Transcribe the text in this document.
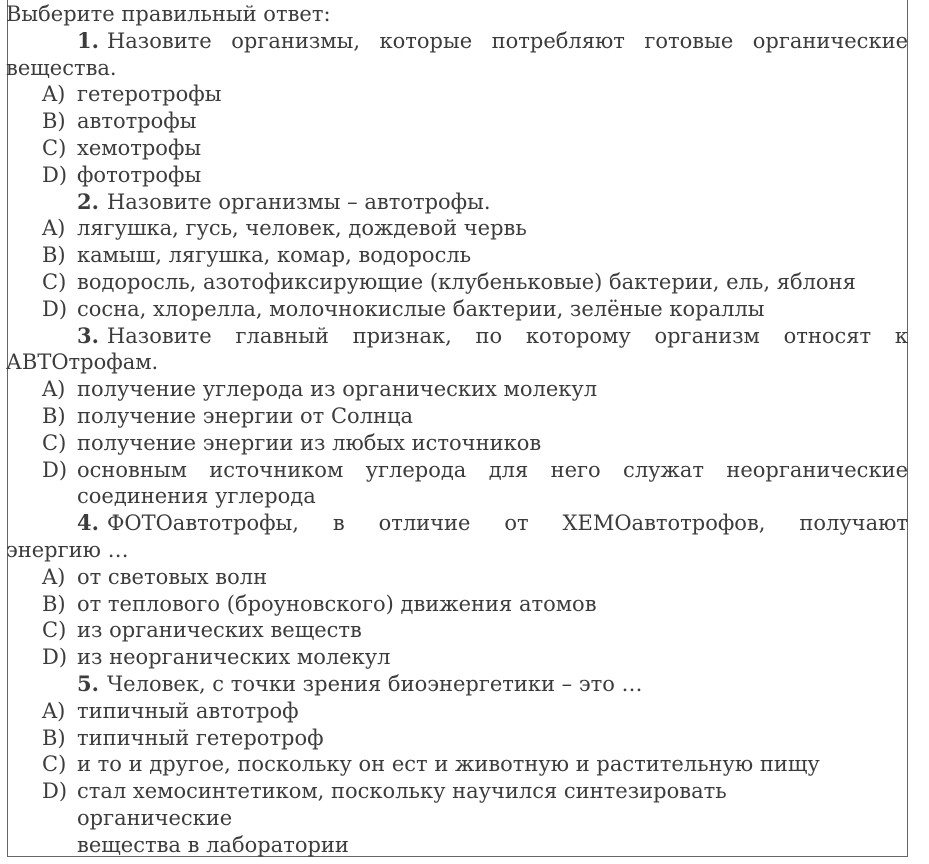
Выберите правильный ответ:
1. Назовите организмы, которые потребляют готовые органические
вещества.
A) гетеротрофы
B) автотрофы
C) хемотрофы
D) фототрофы
2. Назовите организмы – автотрофы.
A) лягушка, гусь, человек, дождевой червь
B) камыш, лягушка, комар, водоросль
C) водоросль, азотофиксирующие (клубеньковые) бактерии, ель, яблоня
D) сосна, хлорелла, молочнокислые бактерии, зелёные кораллы
3. Назовите главный признак, по которому организм относят к
АВТОтрофам.
A) получение углерода из органических молекул
B) получение энергии от Солнца
C) получение энергии из любых источников
D) основным источником углерода для него служат неорганические
соединения углерода
4. ФОТОавтотрофы, в отличие от ХЕМОавтотрофов, получают
энергию …
A) от световых волн
B) от теплового (броуновского) движения атомов
C) из органических веществ
D) из неорганических молекул
5. Человек, с точки зрения биоэнергетики – это …
A) типичный автотроф
B) типичный гетеротроф
C) и то и другое, поскольку он ест и животную и растительную пищу
D) стал хемосинтетиком, поскольку научился синтезировать
органические
вещества в лаборатории
